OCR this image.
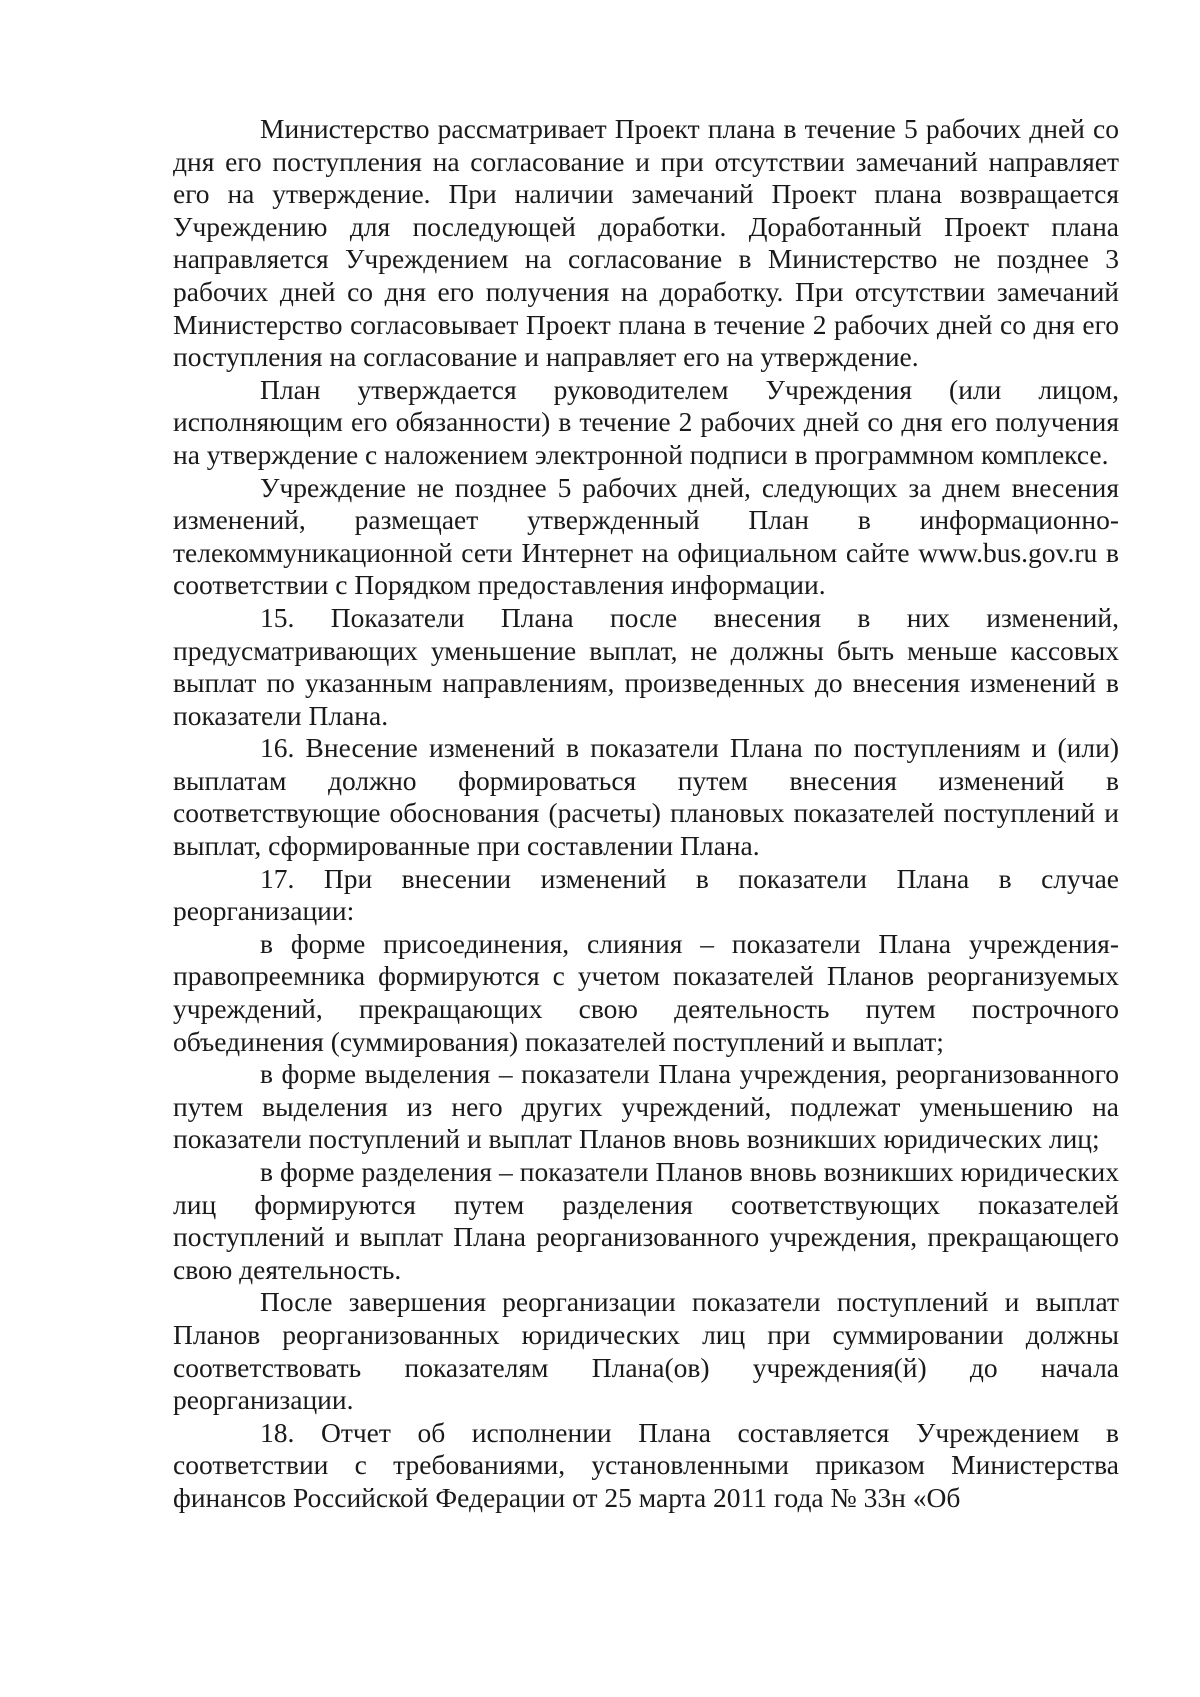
Министерство рассматривает Проект плана в течение 5 рабочих дней со дня его поступления на согласование и при отсутствии замечаний направляет его на утверждение. При наличии замечаний Проект плана возвращается Учреждению для последующей доработки. Доработанный Проект плана направляется Учреждением на согласование в Министерство не позднее 3 рабочих дней со дня его получения на доработку. При отсутствии замечаний Министерство согласовывает Проект плана в течение 2 рабочих дней со дня его поступления на согласование и направляет его на утверждение.

План утверждается руководителем Учреждения (или лицом, исполняющим его обязанности) в течение 2 рабочих дней со дня его получения на утверждение с наложением электронной подписи в программном комплексе.

Учреждение не позднее 5 рабочих дней, следующих за днем внесения изменений, размещает утвержденный План в информационно-телекоммуникационной сети Интернет на официальном сайте www.bus.gov.ru в соответствии с Порядком предоставления информации.

15. Показатели Плана после внесения в них изменений, предусматривающих уменьшение выплат, не должны быть меньше кассовых выплат по указанным направлениям, произведенных до внесения изменений в показатели Плана.

16. Внесение изменений в показатели Плана по поступлениям и (или) выплатам должно формироваться путем внесения изменений в соответствующие обоснования (расчеты) плановых показателей поступлений и выплат, сформированные при составлении Плана.

17. При внесении изменений в показатели Плана в случае реорганизации:

в форме присоединения, слияния – показатели Плана учреждения-правопреемника формируются с учетом показателей Планов реорганизуемых учреждений, прекращающих свою деятельность путем построчного объединения (суммирования) показателей поступлений и выплат;

в форме выделения – показатели Плана учреждения, реорганизованного путем выделения из него других учреждений, подлежат уменьшению на показатели поступлений и выплат Планов вновь возникших юридических лиц;

в форме разделения – показатели Планов вновь возникших юридических лиц формируются путем разделения соответствующих показателей поступлений и выплат Плана реорганизованного учреждения, прекращающего свою деятельность.

После завершения реорганизации показатели поступлений и выплат Планов реорганизованных юридических лиц при суммировании должны соответствовать показателям Плана(ов) учреждения(й) до начала реорганизации.

18. Отчет об исполнении Плана составляется Учреждением в соответствии с требованиями, установленными приказом Министерства финансов Российской Федерации от 25 марта 2011 года № 33н «Об
